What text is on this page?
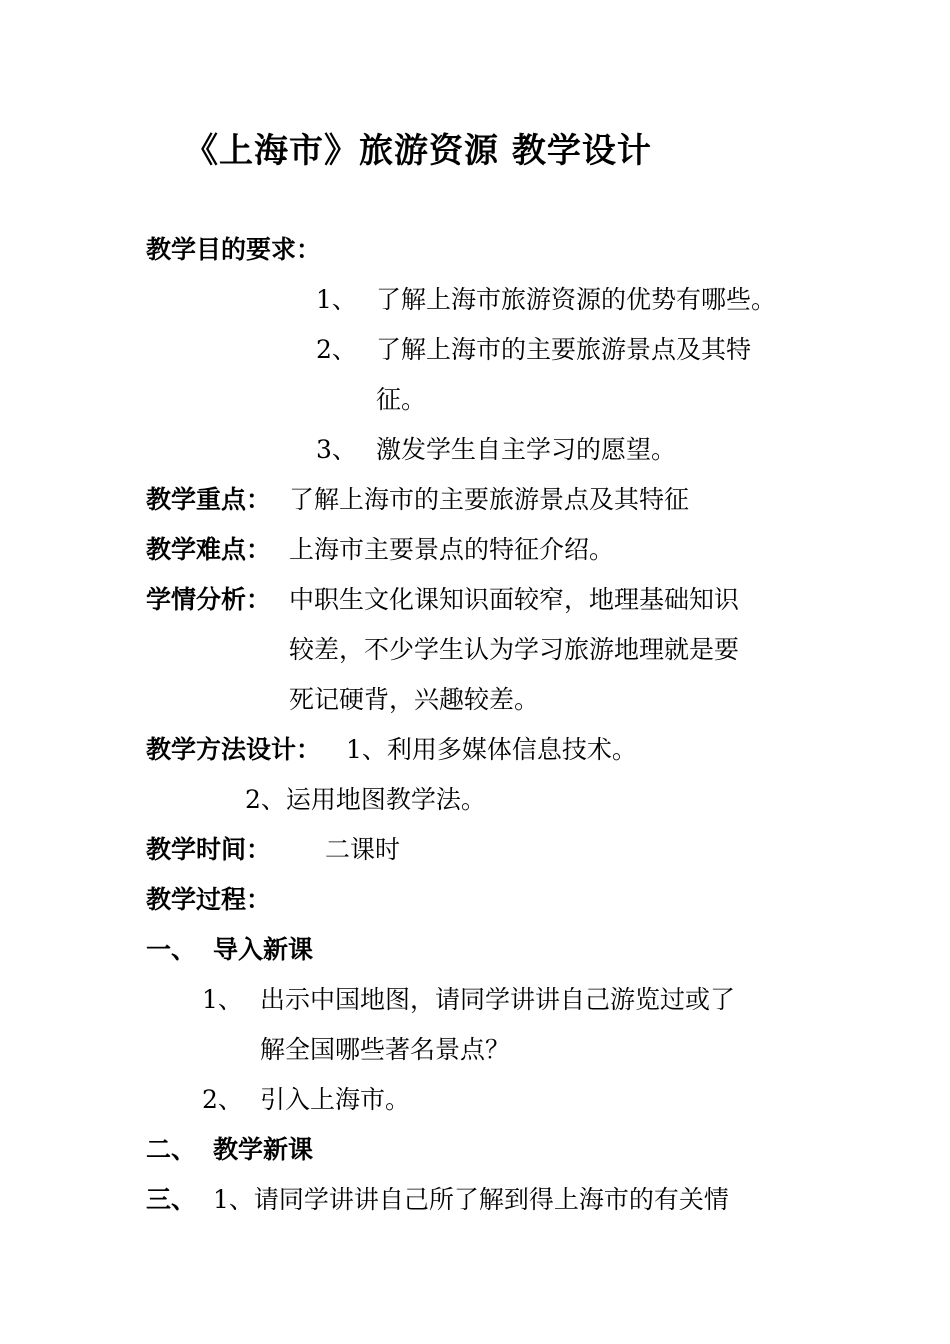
《上海市》旅游资源 教学设计
教学目的要求：
1、 了解上海市旅游资源的优势有哪些。
2、 了解上海市的主要旅游景点及其特
征。
3、 激发学生自主学习的愿望。
教学重点： 了解上海市的主要旅游景点及其特征
教学难点： 上海市主要景点的特征介绍。
学情分析： 中职生文化课知识面较窄，地理基础知识
较差，不少学生认为学习旅游地理就是要
死记硬背，兴趣较差。
教学方法设计： 1、利用多媒体信息技术。
2、运用地图教学法。
教学时间： 二课时
教学过程：
一、 导入新课
1、 出示中国地图，请同学讲讲自己游览过或了
解全国哪些著名景点？
2、 引入上海市。
二、 教学新课
三、 1、请同学讲讲自己所了解到得上海市的有关情
